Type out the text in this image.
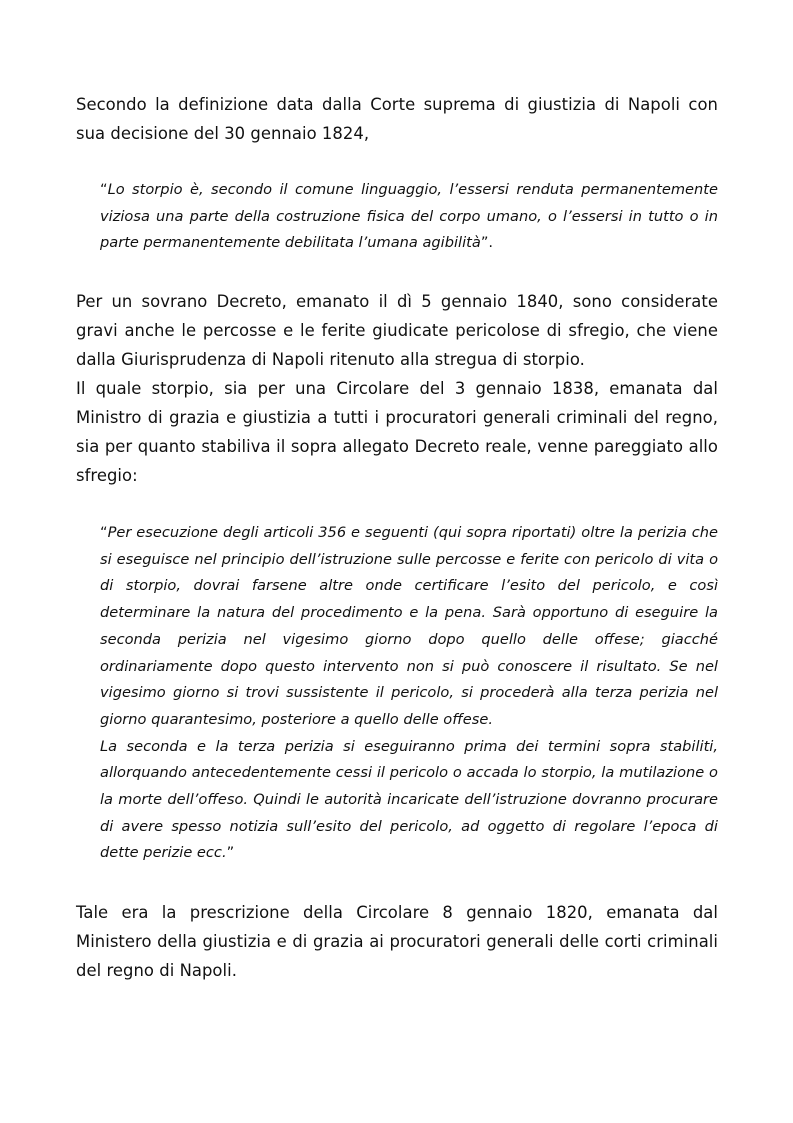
Secondo la definizione data dalla Corte suprema di giustizia di Napoli con sua decisione del 30 gennaio 1824,

“Lo storpio è, secondo il comune linguaggio, l’essersi renduta permanentemente viziosa una parte della costruzione fisica del corpo umano, o l’essersi in tutto o in parte permanentemente debilitata l’umana agibilità”.

Per un sovrano Decreto, emanato il dì 5 gennaio 1840, sono considerate gravi anche le percosse e le ferite giudicate pericolose di sfregio, che viene dalla Giurisprudenza di Napoli ritenuto alla stregua di storpio.

Il quale storpio, sia per una Circolare del 3 gennaio 1838, emanata dal Ministro di grazia e giustizia a tutti i procuratori generali criminali del regno, sia per quanto stabiliva il sopra allegato Decreto reale, venne pareggiato allo sfregio:

“Per esecuzione degli articoli 356 e seguenti (qui sopra riportati) oltre la perizia che si eseguisce nel principio dell’istruzione sulle percosse e ferite con pericolo di vita o di storpio, dovrai farsene altre onde certificare l’esito del pericolo, e così determinare la natura del procedimento e la pena. Sarà opportuno di eseguire la seconda perizia nel vigesimo giorno dopo quello delle offese; giacché ordinariamente dopo questo intervento non si può conoscere il risultato. Se nel vigesimo giorno si trovi sussistente il pericolo, si procederà alla terza perizia nel giorno quarantesimo, posteriore a quello delle offese.
La seconda e la terza perizia si eseguiranno prima dei termini sopra stabiliti, allorquando antecedentemente cessi il pericolo o accada lo storpio, la mutilazione o la morte dell’offeso. Quindi le autorità incaricate dell’istruzione dovranno procurare di avere spesso notizia sull’esito del pericolo, ad oggetto di regolare l’epoca di dette perizie ecc.”

Tale era la prescrizione della Circolare 8 gennaio 1820, emanata dal Ministero della giustizia e di grazia ai procuratori generali delle corti criminali del regno di Napoli.
